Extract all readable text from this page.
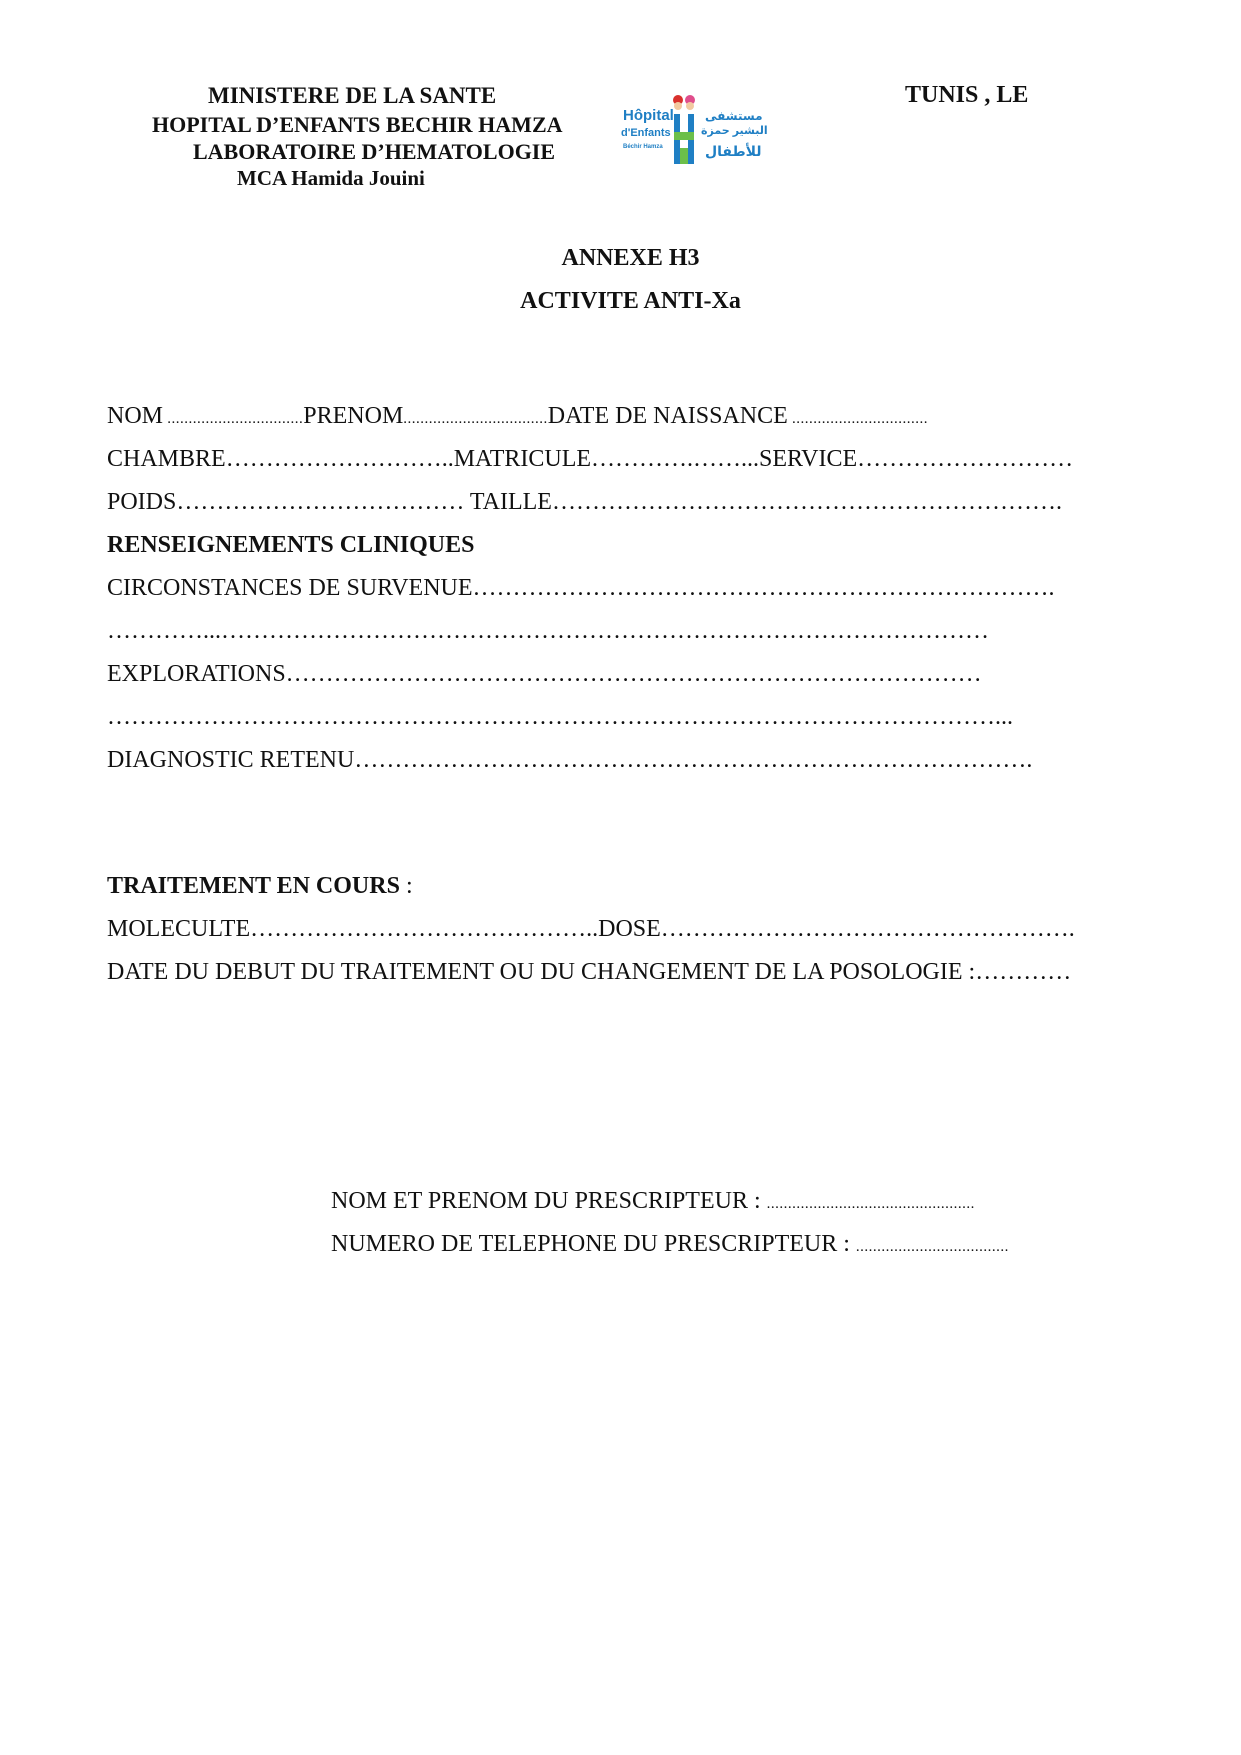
MINISTERE DE LA SANTE
HOPITAL D’ENFANTS BECHIR HAMZA
LABORATOIRE D’HEMATOLOGIE
MCA Hamida Jouini
TUNIS , LE
Hôpital
d'Enfants
Béchir Hamza
مستشفى
البشير حمزة
للأطفال
ANNEXE H3
ACTIVITE ANTI-Xa
NOM ................................PRENOM..................................DATE DE NAISSANCE ................................
CHAMBRE………………………..MATRICULE………….……...SERVICE………………………
POIDS……………………………… TAILLE……………………………………………………….
RENSEIGNEMENTS CLINIQUES
CIRCONSTANCES DE SURVENUE……………………………………………………………….
…………...……………………………………………………………………………………
EXPLORATIONS……………………………………………………………………………
…………………………………………………………………………………………………...
DIAGNOSTIC RETENU………………………………………………………………………….
TRAITEMENT EN COURS :
MOLECULTE……………………………………..DOSE…………………………………………….
DATE DU DEBUT DU TRAITEMENT OU DU CHANGEMENT DE LA POSOLOGIE :…………
NOM ET PRENOM DU PRESCRIPTEUR : .................................................
NUMERO DE TELEPHONE DU PRESCRIPTEUR : ....................................
